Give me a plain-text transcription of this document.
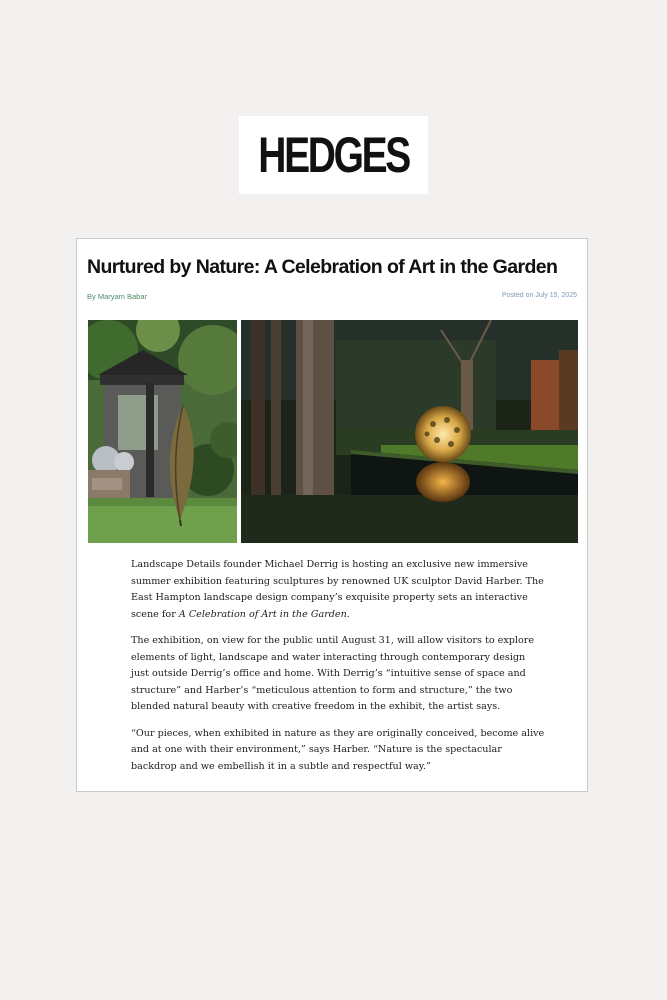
HEDGES
Nurtured by Nature: A Celebration of Art in the Garden
By Maryam Babar	Posted on July 15, 2025

Landscape Details founder Michael Derrig is hosting an exclusive new immersive summer exhibition featuring sculptures by renowned UK sculptor David Harber. The East Hampton landscape design company’s exquisite property sets an interactive scene for A Celebration of Art in the Garden.

The exhibition, on view for the public until August 31, will allow visitors to explore elements of light, landscape and water interacting through contemporary design just outside Derrig’s office and home. With Derrig’s “intuitive sense of space and structure” and Harber’s “meticulous attention to form and structure,” the two blended natural beauty with creative freedom in the exhibit, the artist says.

“Our pieces, when exhibited in nature as they are originally conceived, become alive and at one with their environment,” says Harber. “Nature is the spectacular backdrop and we embellish it in a subtle and respectful way.”
